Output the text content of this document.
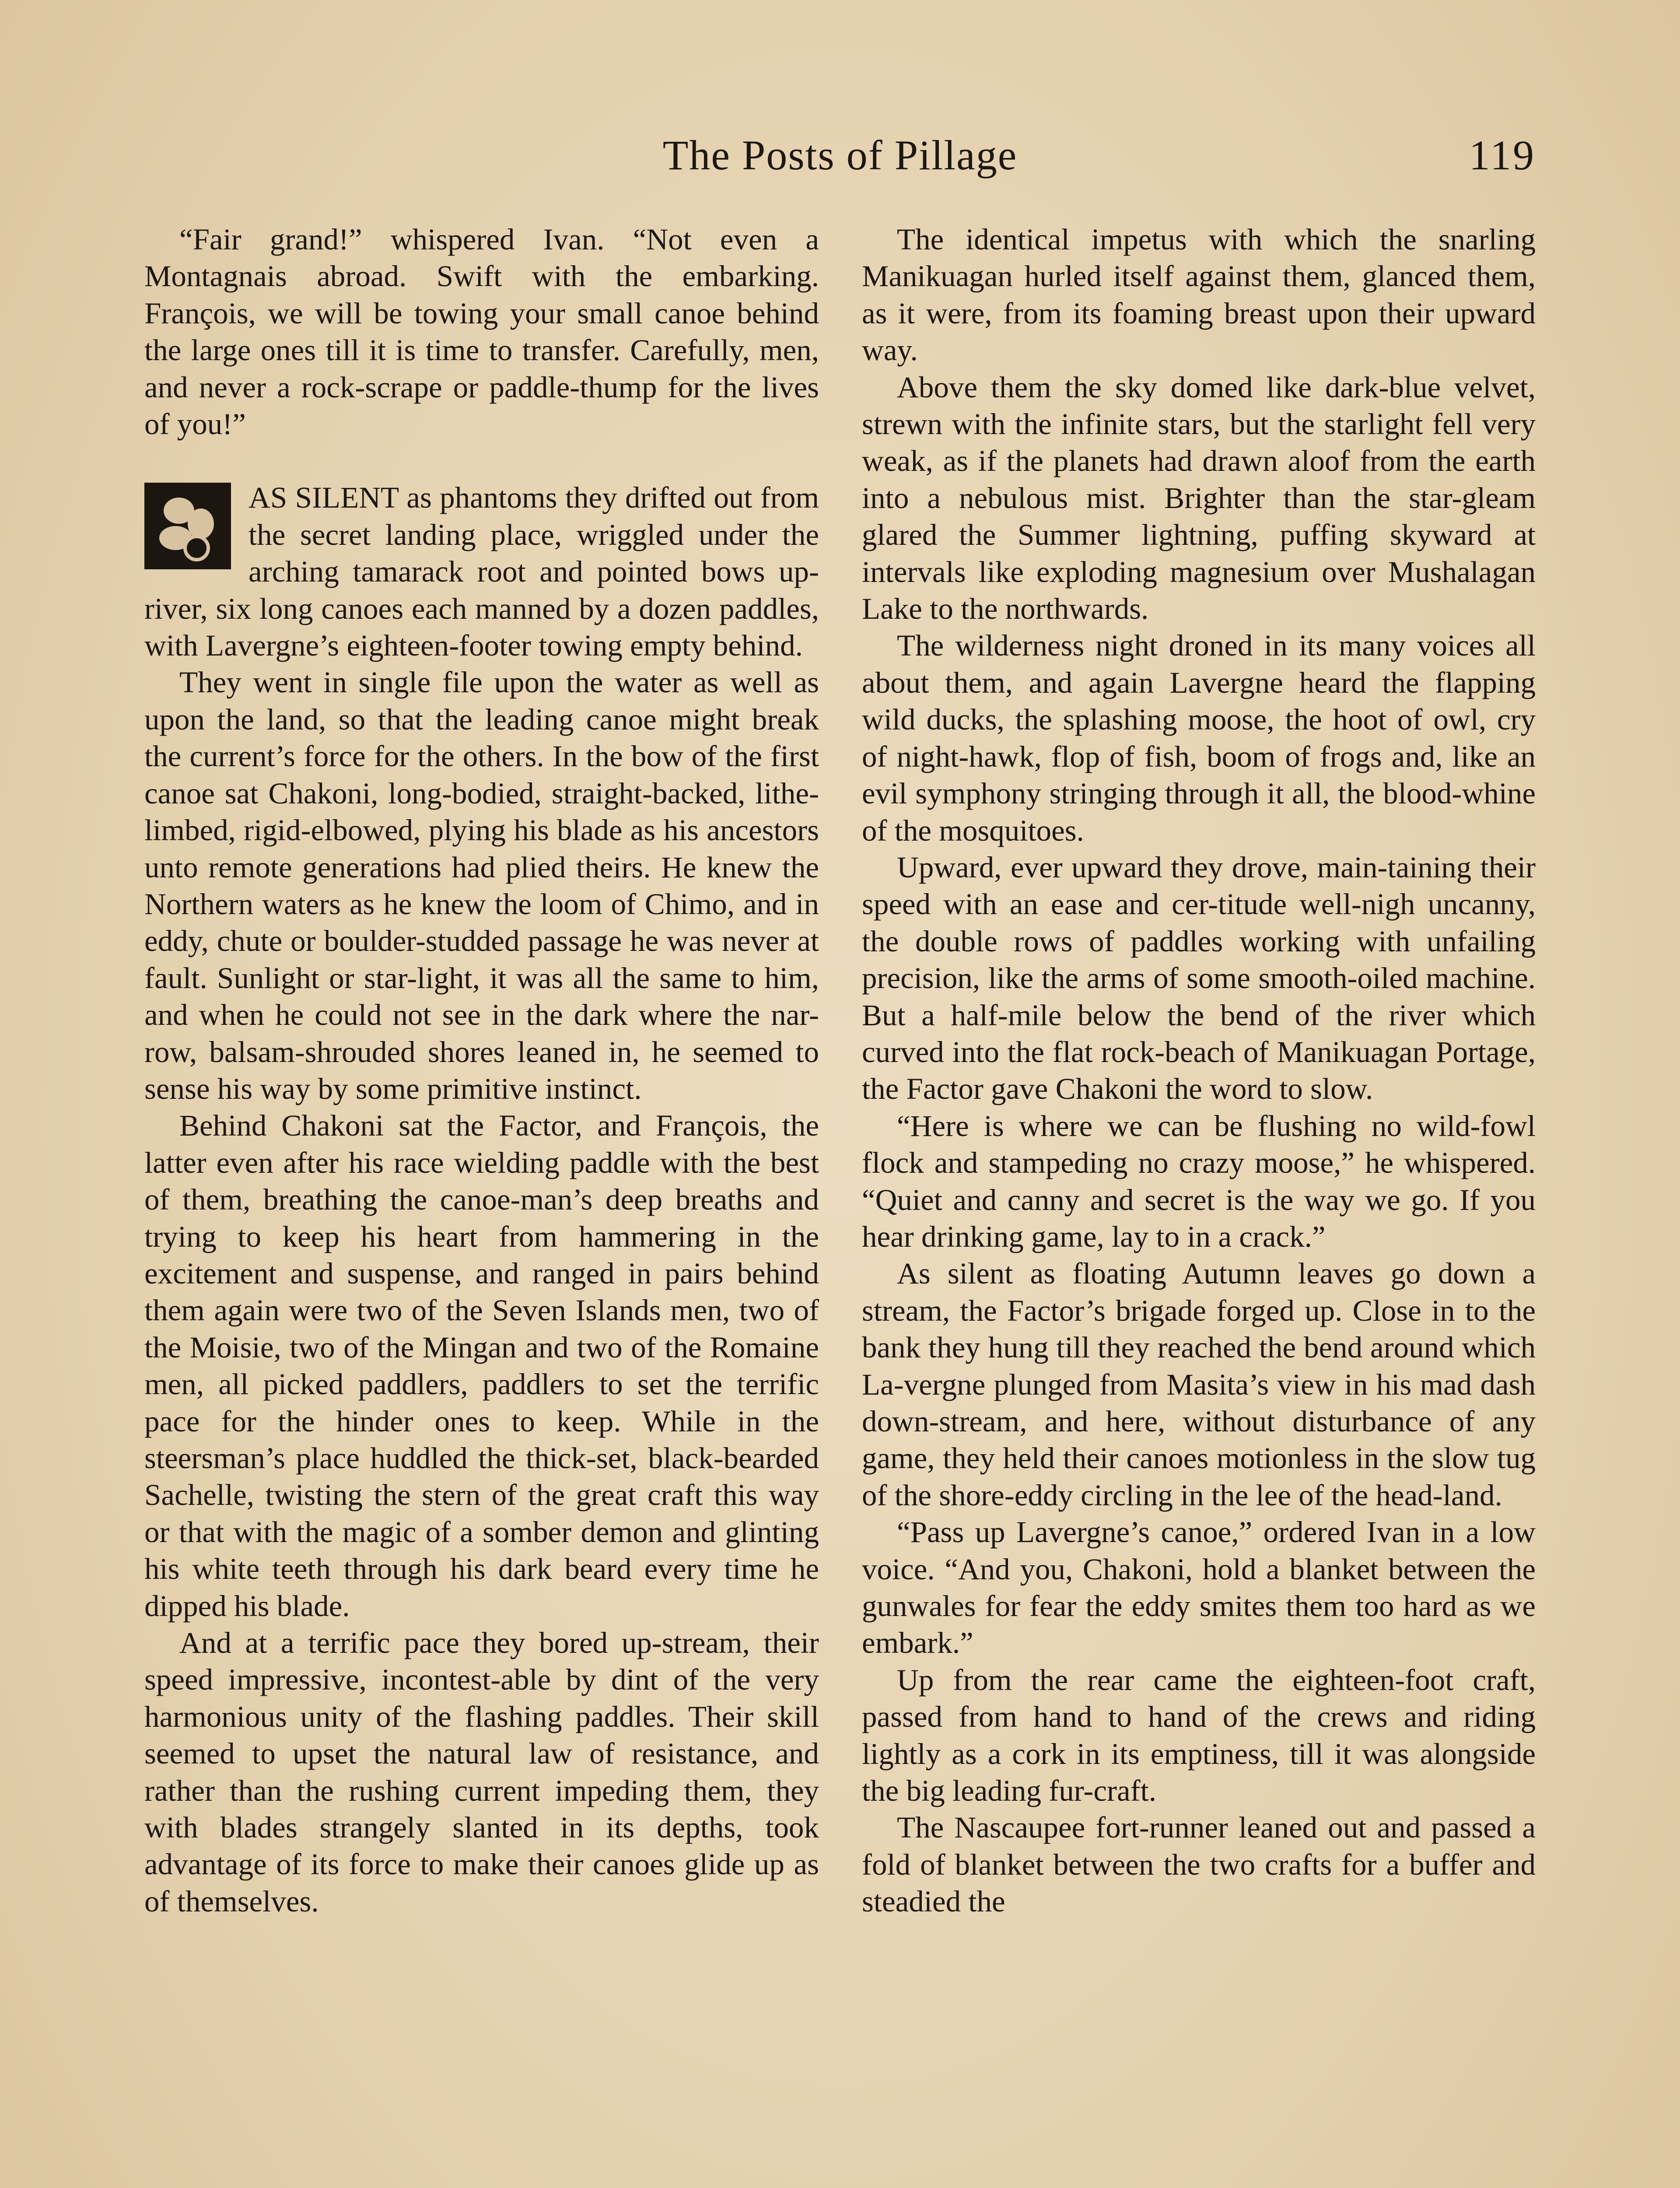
The Posts of Pillage	119

“Fair grand!” whispered Ivan. “Not even a Montagnais abroad. Swift with the embarking. François, we will be towing your small canoe behind the large ones till it is time to transfer. Carefully, men, and never a rock-scrape or paddle-thump for the lives of you!”

AS SILENT as phantoms they drifted out from the secret landing place, wriggled under the arching tamarack root and pointed bows up-river, six long canoes each manned by a dozen paddles, with Lavergne’s eighteen-footer towing empty behind.

They went in single file upon the water as well as upon the land, so that the leading canoe might break the current’s force for the others. In the bow of the first canoe sat Chakoni, long-bodied, straight-backed, lithe-limbed, rigid-elbowed, plying his blade as his ancestors unto remote generations had plied theirs. He knew the Northern waters as he knew the loom of Chimo, and in eddy, chute or boulder-studded passage he was never at fault. Sunlight or star-light, it was all the same to him, and when he could not see in the dark where the nar-row, balsam-shrouded shores leaned in, he seemed to sense his way by some primitive instinct.

Behind Chakoni sat the Factor, and François, the latter even after his race wielding paddle with the best of them, breathing the canoe-man’s deep breaths and trying to keep his heart from hammering in the excitement and suspense, and ranged in pairs behind them again were two of the Seven Islands men, two of the Moisie, two of the Mingan and two of the Romaine men, all picked paddlers, paddlers to set the terrific pace for the hinder ones to keep. While in the steersman’s place huddled the thick-set, black-bearded Sachelle, twisting the stern of the great craft this way or that with the magic of a somber demon and glinting his white teeth through his dark beard every time he dipped his blade.

And at a terrific pace they bored up-stream, their speed impressive, incontest-able by dint of the very harmonious unity of the flashing paddles. Their skill seemed to upset the natural law of resistance, and rather than the rushing current impeding them, they with blades strangely slanted in its depths, took advantage of its force to make their canoes glide up as of themselves.

The identical impetus with which the snarling Manikuagan hurled itself against them, glanced them, as it were, from its foaming breast upon their upward way.

Above them the sky domed like dark-blue velvet, strewn with the infinite stars, but the starlight fell very weak, as if the planets had drawn aloof from the earth into a nebulous mist. Brighter than the star-gleam glared the Summer lightning, puffing skyward at intervals like exploding magnesium over Mushalagan Lake to the northwards.

The wilderness night droned in its many voices all about them, and again Lavergne heard the flapping wild ducks, the splashing moose, the hoot of owl, cry of night-hawk, flop of fish, boom of frogs and, like an evil symphony stringing through it all, the blood-whine of the mosquitoes.

Upward, ever upward they drove, main-taining their speed with an ease and cer-titude well-nigh uncanny, the double rows of paddles working with unfailing precision, like the arms of some smooth-oiled machine. But a half-mile below the bend of the river which curved into the flat rock-beach of Manikuagan Portage, the Factor gave Chakoni the word to slow.

“Here is where we can be flushing no wild-fowl flock and stampeding no crazy moose,” he whispered. “Quiet and canny and secret is the way we go. If you hear drinking game, lay to in a crack.”

As silent as floating Autumn leaves go down a stream, the Factor’s brigade forged up. Close in to the bank they hung till they reached the bend around which La-vergne plunged from Masita’s view in his mad dash down-stream, and here, without disturbance of any game, they held their canoes motionless in the slow tug of the shore-eddy circling in the lee of the head-land.

“Pass up Lavergne’s canoe,” ordered Ivan in a low voice. “And you, Chakoni, hold a blanket between the gunwales for fear the eddy smites them too hard as we embark.”

Up from the rear came the eighteen-foot craft, passed from hand to hand of the crews and riding lightly as a cork in its emptiness, till it was alongside the big leading fur-craft.

The Nascaupee fort-runner leaned out and passed a fold of blanket between the two crafts for a buffer and steadied the
